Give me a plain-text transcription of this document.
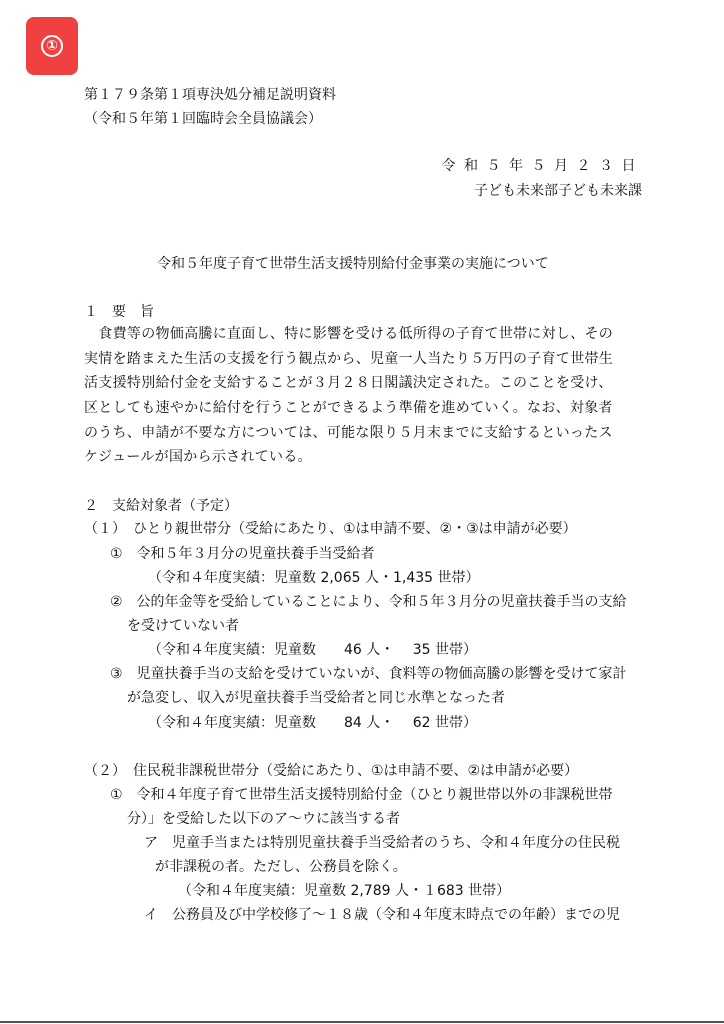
①
第１７９条第１項専決処分補足説明資料
（令和５年第１回臨時会全員協議会）
令和５年５月２３日
子ども未来部子ども未来課
令和５年度子育て世帯生活支援特別給付金事業の実施について
１　要　旨
　食費等の物価高騰に直面し、特に影響を受ける低所得の子育て世帯に対し、その
実情を踏まえた生活の支援を行う観点から、児童一人当たり５万円の子育て世帯生
活支援特別給付金を支給することが３月２８日閣議決定された。このことを受け、
区としても速やかに給付を行うことができるよう準備を進めていく。なお、対象者
のうち、申請が不要な方については、可能な限り５月末までに支給するといったス
ケジュールが国から示されている。
２　支給対象者（予定）
（１）　ひとり親世帯分（受給にあたり、①は申請不要、②・③は申請が必要）
①　令和５年３月分の児童扶養手当受給者
（令和４年度実績：児童数 2,065 人・1,435 世帯）
②　公的年金等を受給していることにより、令和５年３月分の児童扶養手当の支給
を受けていない者
（令和４年度実績：児童数　　46 人・　 35 世帯）
③　児童扶養手当の支給を受けていないが、食料等の物価高騰の影響を受けて家計
が急変し、収入が児童扶養手当受給者と同じ水準となった者
（令和４年度実績：児童数　　84 人・　 62 世帯）
（２）　住民税非課税世帯分（受給にあたり、①は申請不要、②は申請が必要）
①　令和４年度子育て世帯生活支援特別給付金（ひとり親世帯以外の非課税世帯
分）」を受給した以下のア～ウに該当する者
ア　児童手当または特別児童扶養手当受給者のうち、令和４年度分の住民税
が非課税の者。ただし、公務員を除く。
（令和４年度実績：児童数 2,789 人・１683 世帯）
イ　公務員及び中学校修了～１８歳（令和４年度末時点での年齢）までの児
